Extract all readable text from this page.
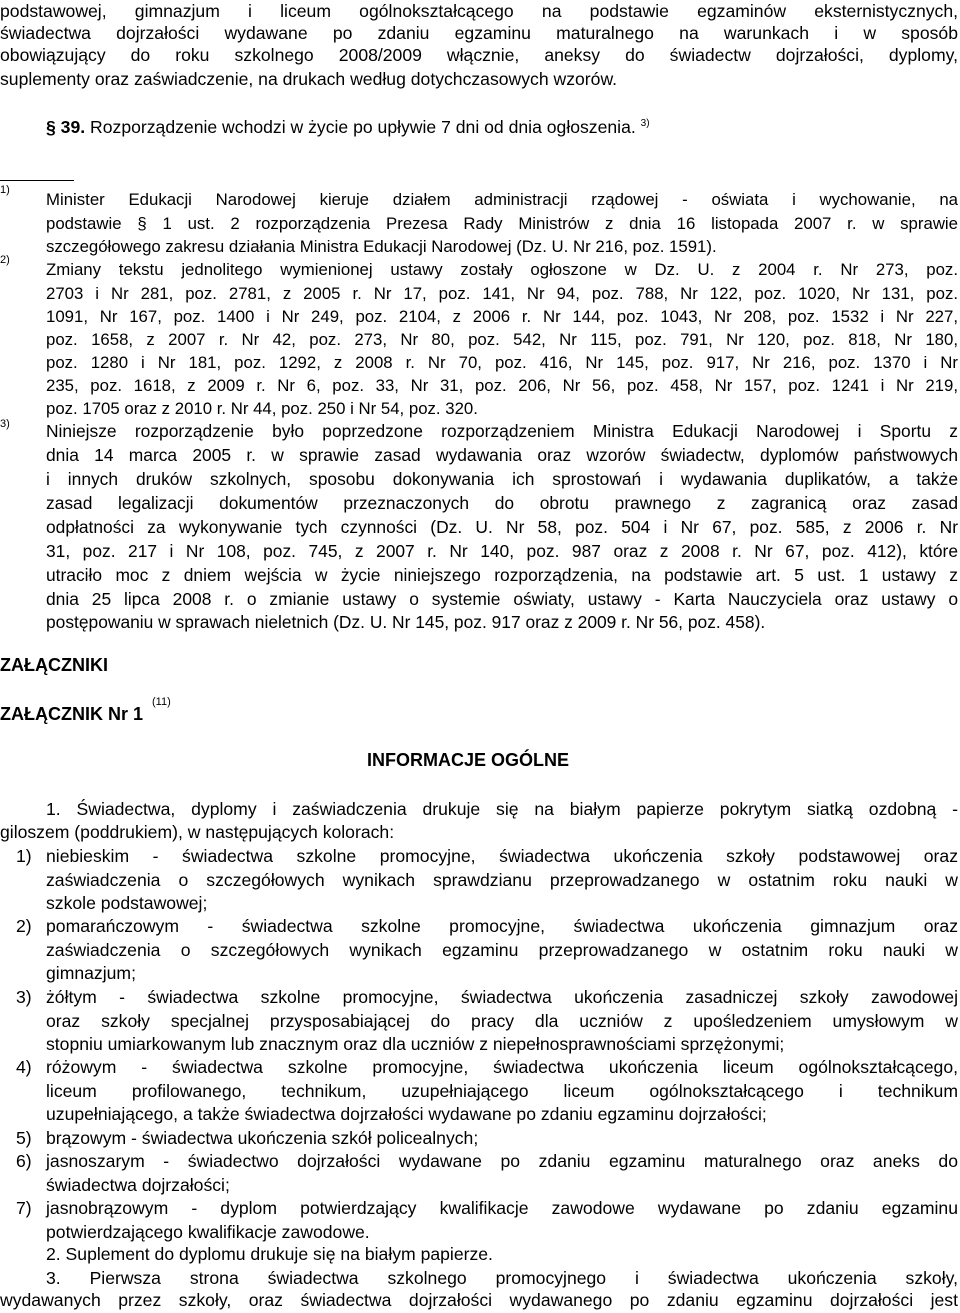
podstawowej, gimnazjum i liceum ogólnokształcącego na podstawie egzaminów eksternistycznych,
świadectwa dojrzałości wydawane po zdaniu egzaminu maturalnego na warunkach i w sposób
obowiązujący do roku szkolnego 2008/2009 włącznie, aneksy do świadectw dojrzałości, dyplomy,
suplementy oraz zaświadczenie, na drukach według dotychczasowych wzorów.
§ 39. Rozporządzenie wchodzi w życie po upływie 7 dni od dnia ogłoszenia. $^{3)}$
1) Minister Edukacji Narodowej kieruje działem administracji rządowej - oświata i wychowanie, na
podstawie § 1 ust. 2 rozporządzenia Prezesa Rady Ministrów z dnia 16 listopada 2007 r. w sprawie
szczegółowego zakresu działania Ministra Edukacji Narodowej (Dz. U. Nr 216, poz. 1591).
2) Zmiany tekstu jednolitego wymienionej ustawy zostały ogłoszone w Dz. U. z 2004 r. Nr 273, poz.
2703 i Nr 281, poz. 2781, z 2005 r. Nr 17, poz. 141, Nr 94, poz. 788, Nr 122, poz. 1020, Nr 131, poz.
1091, Nr 167, poz. 1400 i Nr 249, poz. 2104, z 2006 r. Nr 144, poz. 1043, Nr 208, poz. 1532 i Nr 227,
poz. 1658, z 2007 r. Nr 42, poz. 273, Nr 80, poz. 542, Nr 115, poz. 791, Nr 120, poz. 818, Nr 180,
poz. 1280 i Nr 181, poz. 1292, z 2008 r. Nr 70, poz. 416, Nr 145, poz. 917, Nr 216, poz. 1370 i Nr
235, poz. 1618, z 2009 r. Nr 6, poz. 33, Nr 31, poz. 206, Nr 56, poz. 458, Nr 157, poz. 1241 i Nr 219,
poz. 1705 oraz z 2010 r. Nr 44, poz. 250 i Nr 54, poz. 320.
3) Niniejsze rozporządzenie było poprzedzone rozporządzeniem Ministra Edukacji Narodowej i Sportu z
dnia 14 marca 2005 r. w sprawie zasad wydawania oraz wzorów świadectw, dyplomów państwowych
i innych druków szkolnych, sposobu dokonywania ich sprostowań i wydawania duplikatów, a także
zasad legalizacji dokumentów przeznaczonych do obrotu prawnego z zagranicą oraz zasad
odpłatności za wykonywanie tych czynności (Dz. U. Nr 58, poz. 504 i Nr 67, poz. 585, z 2006 r. Nr
31, poz. 217 i Nr 108, poz. 745, z 2007 r. Nr 140, poz. 987 oraz z 2008 r. Nr 67, poz. 412), które
utraciło moc z dniem wejścia w życie niniejszego rozporządzenia, na podstawie art. 5 ust. 1 ustawy z
dnia 25 lipca 2008 r. o zmianie ustawy o systemie oświaty, ustawy - Karta Nauczyciela oraz ustawy o
postępowaniu w sprawach nieletnich (Dz. U. Nr 145, poz. 917 oraz z 2009 r. Nr 56, poz. 458).
ZAŁĄCZNIKI
ZAŁĄCZNIK Nr 1 $^{(11)}$
INFORMACJE OGÓLNE
1. Świadectwa, dyplomy i zaświadczenia drukuje się na białym papierze pokrytym siatką ozdobną -
giloszem (poddrukiem), w następujących kolorach:
1) niebieskim - świadectwa szkolne promocyjne, świadectwa ukończenia szkoły podstawowej oraz
zaświadczenia o szczegółowych wynikach sprawdzianu przeprowadzanego w ostatnim roku nauki w
szkole podstawowej;
2) pomarańczowym - świadectwa szkolne promocyjne, świadectwa ukończenia gimnazjum oraz
zaświadczenia o szczegółowych wynikach egzaminu przeprowadzanego w ostatnim roku nauki w
gimnazjum;
3) żółtym - świadectwa szkolne promocyjne, świadectwa ukończenia zasadniczej szkoły zawodowej
oraz szkoły specjalnej przysposabiającej do pracy dla uczniów z upośledzeniem umysłowym w
stopniu umiarkowanym lub znacznym oraz dla uczniów z niepełnosprawnościami sprzężonymi;
4) różowym - świadectwa szkolne promocyjne, świadectwa ukończenia liceum ogólnokształcącego,
liceum profilowanego, technikum, uzupełniającego liceum ogólnokształcącego i technikum
uzupełniającego, a także świadectwa dojrzałości wydawane po zdaniu egzaminu dojrzałości;
5) brązowym - świadectwa ukończenia szkół policealnych;
6) jasnoszarym - świadectwo dojrzałości wydawane po zdaniu egzaminu maturalnego oraz aneks do
świadectwa dojrzałości;
7) jasnobrązowym - dyplom potwierdzający kwalifikacje zawodowe wydawane po zdaniu egzaminu
potwierdzającego kwalifikacje zawodowe.
2. Suplement do dyplomu drukuje się na białym papierze.
3. Pierwsza strona świadectwa szkolnego promocyjnego i świadectwa ukończenia szkoły,
wydawanych przez szkoły, oraz świadectwa dojrzałości wydawanego po zdaniu egzaminu dojrzałości jest
